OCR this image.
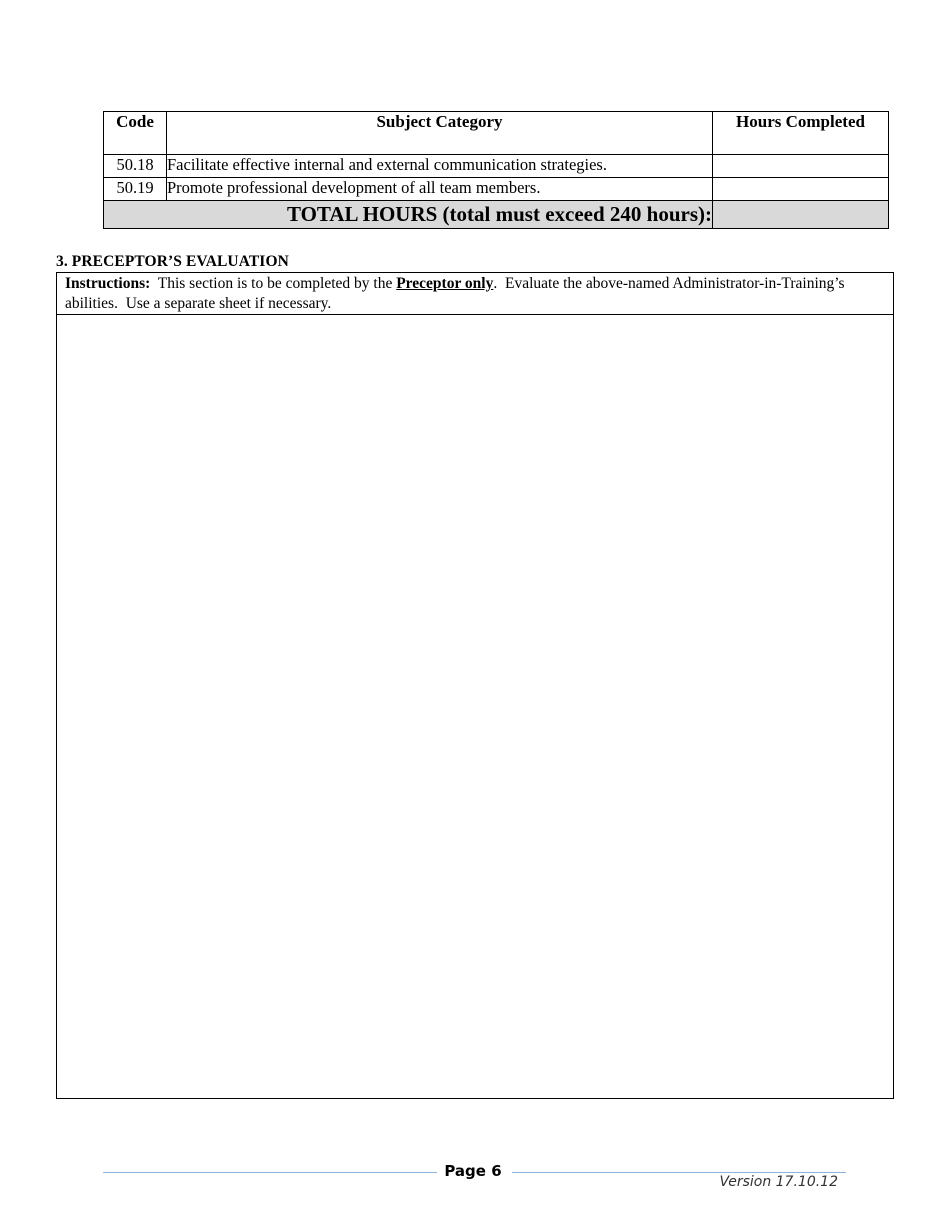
Code	Subject Category	Hours Completed
50.18	Facilitate effective internal and external communication strategies.	
50.19	Promote professional development of all team members.	
TOTAL HOURS (total must exceed 240 hours):		
3. PRECEPTOR’S EVALUATION
Instructions:  This section is to be completed by the Preceptor only.  Evaluate the above-named Administrator-in-Training’s abilities.  Use a separate sheet if necessary.
Page 6
Version 17.10.12
